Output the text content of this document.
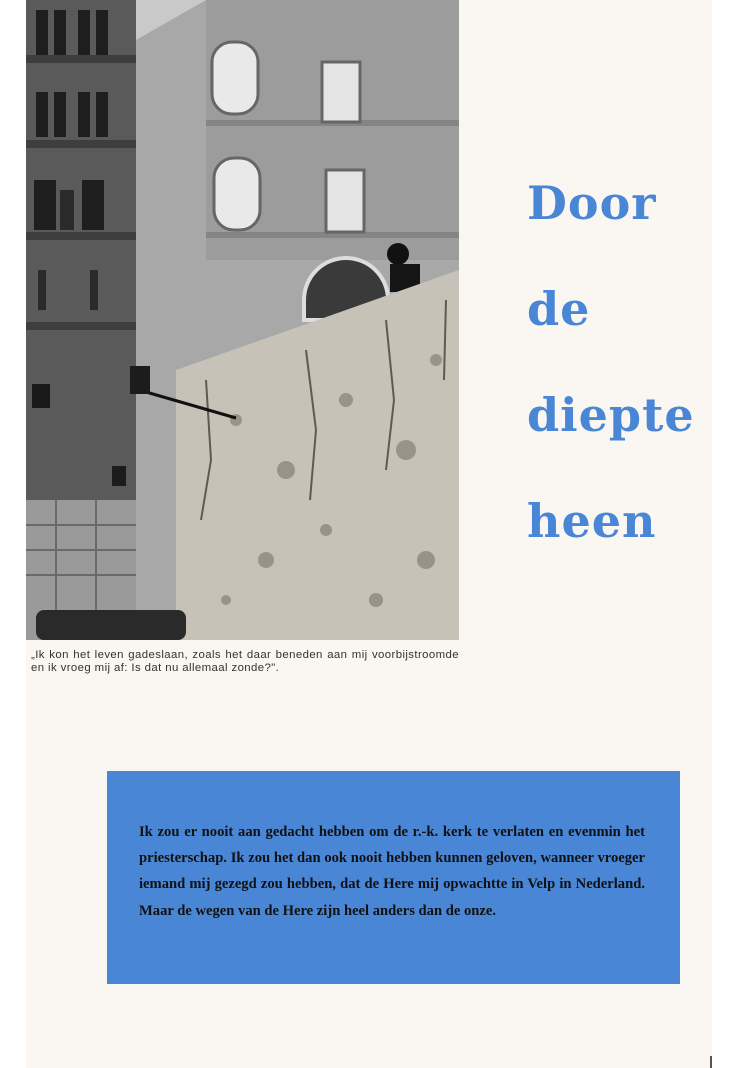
„Ik kon het leven gadeslaan, zoals het daar beneden aan mij voorbijstroomde en ik vroeg mij af: Is dat nu allemaal zonde?".
Door
de
diepte
heen
Ik zou er nooit aan gedacht hebben om de r.-k. kerk te verlaten en evenmin het priesterschap. Ik zou het dan ook nooit hebben kunnen geloven, wanneer vroeger iemand mij gezegd zou hebben, dat de Here mij opwachtte in Velp in Nederland. Maar de wegen van de Here zijn heel anders dan de onze.
